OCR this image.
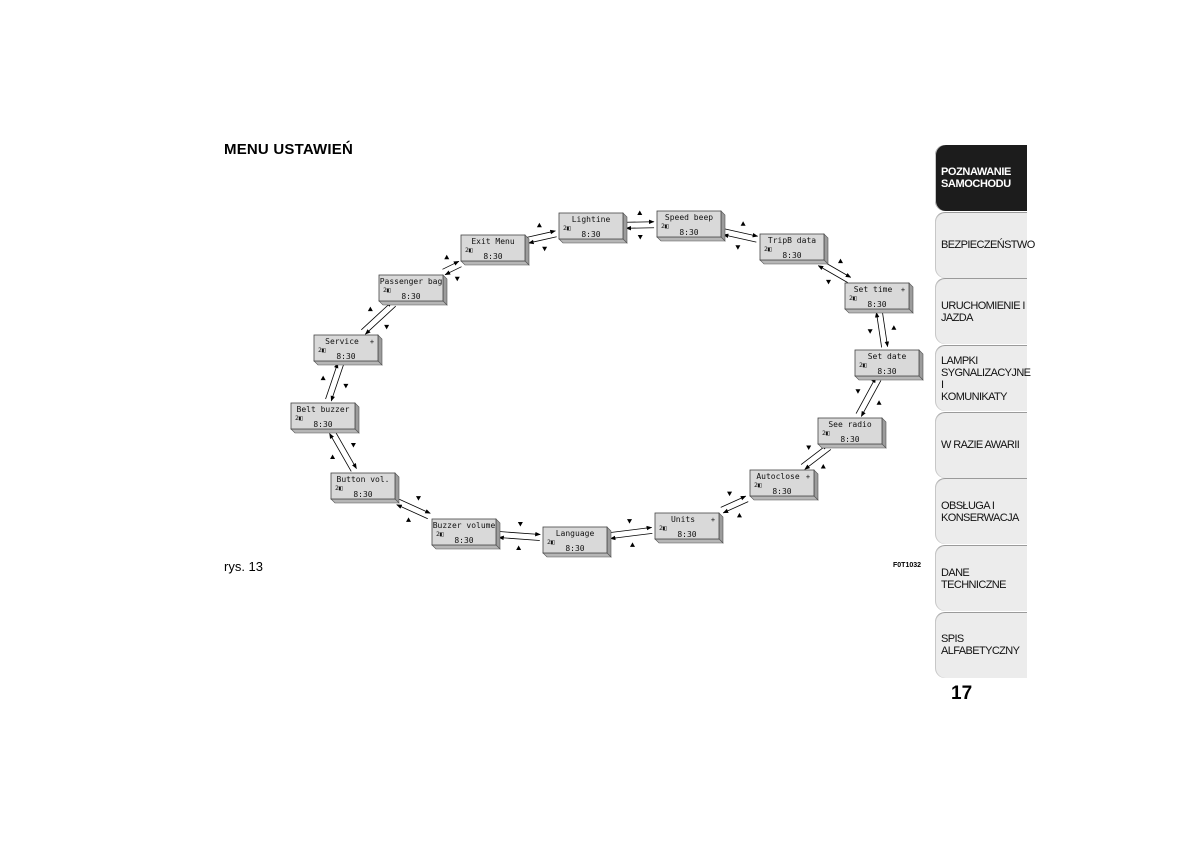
MENU USTAWIEŃ
Lightine
2◧
8:30
Speed beep
2◧
8:30
TripB data
2◧
8:30
Set time +
2◧
8:30
Set date
2◧
8:30
See radio
2◧
8:30
Autoclose +
2◧
8:30
Units +
2◧
8:30
Language
2◧
8:30
Buzzer volume
2◧
8:30
Button vol.
2◧
8:30
Belt buzzer
2◧
8:30
Service +
2◧
8:30
Passenger bag
2◧
8:30
Exit Menu
2◧
8:30
rys. 13	F0T1032
POZNAWANIE
SAMOCHODU
BEZPIECZEŃSTWO
URUCHOMIENIE I
JAZDA
LAMPKI
SYGNALIZACYJNE I
KOMUNIKATY
W RAZIE AWARII
OBSŁUGA I
KONSERWACJA
DANE TECHNICZNE
SPIS ALFABETYCZNY
17
